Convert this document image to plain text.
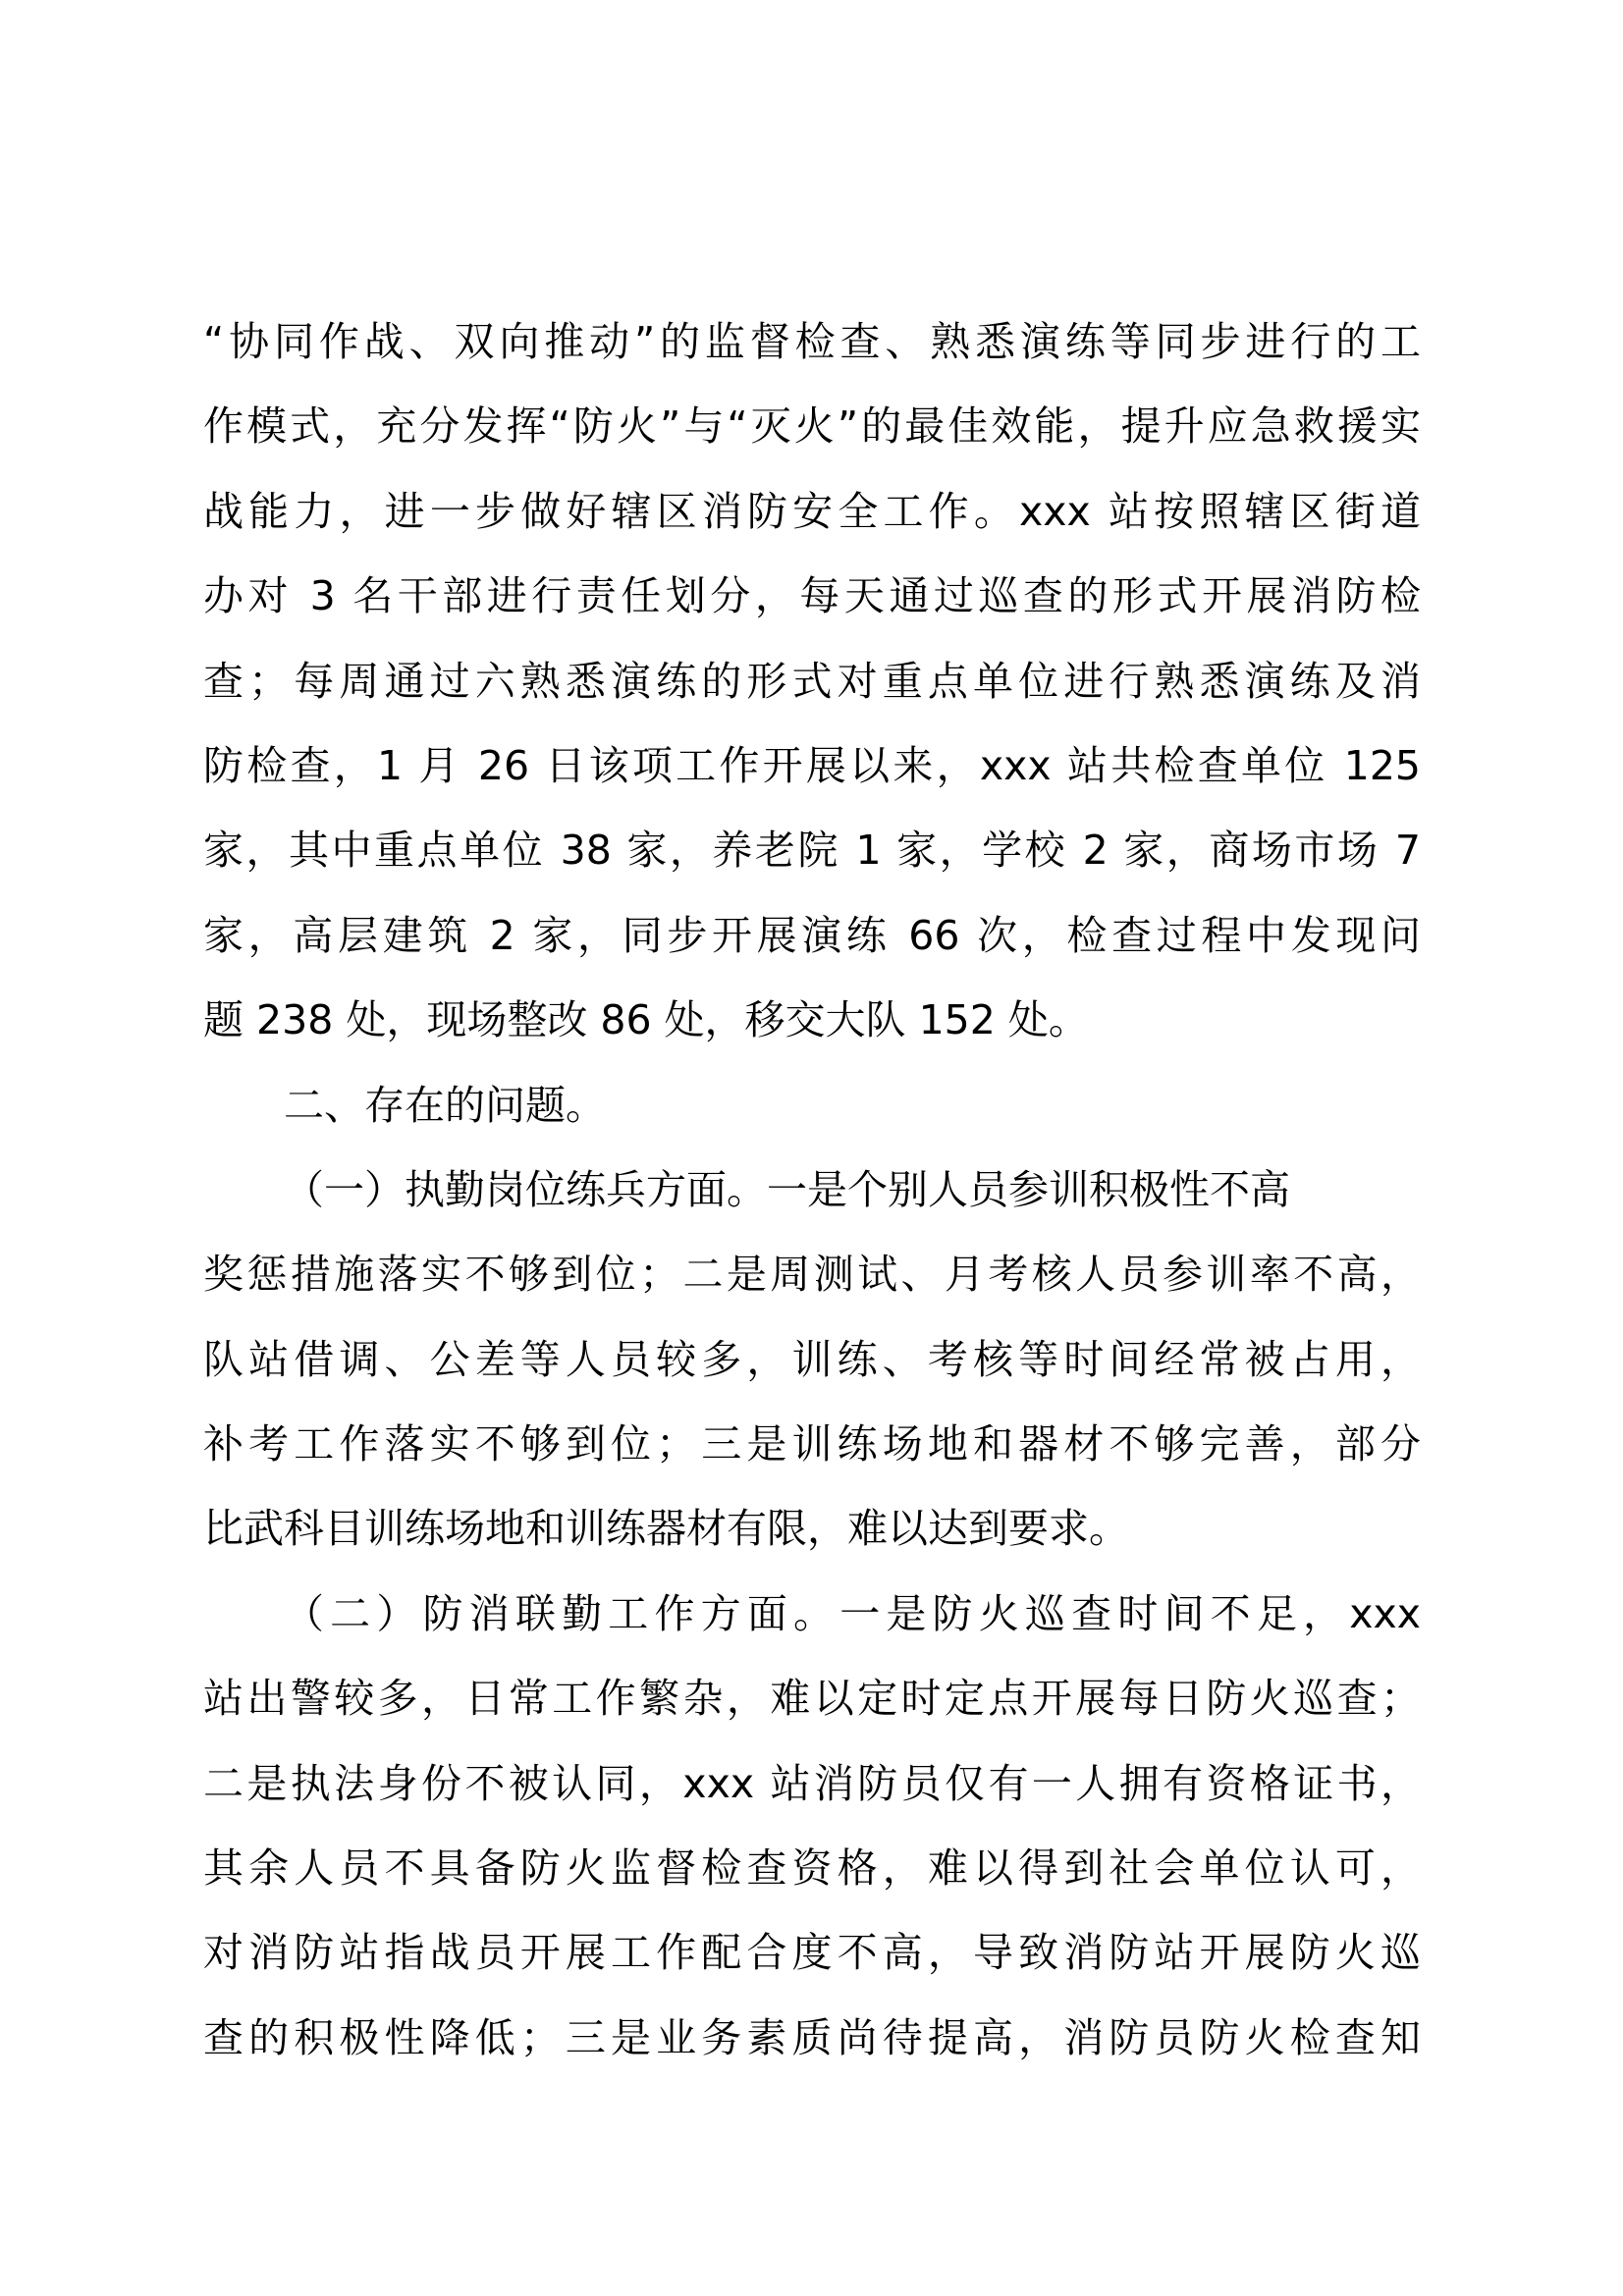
“协同作战、双向推动”的监督检查、熟悉演练等同步进行的工
作模式，充分发挥“防火”与“灭火”的最佳效能，提升应急救援实
战能力，进一步做好辖区消防安全工作。xxx 站按照辖区街道
办对 3 名干部进行责任划分，每天通过巡查的形式开展消防检
查；每周通过六熟悉演练的形式对重点单位进行熟悉演练及消
防检查，1 月 26 日该项工作开展以来，xxx 站共检查单位 125
家，其中重点单位 38 家，养老院 1 家，学校 2 家，商场市场 7
家，高层建筑 2 家，同步开展演练 66 次，检查过程中发现问
题 238 处，现场整改 86 处，移交大队 152 处。
二、存在的问题。
（一）执勤岗位练兵方面。一是个别人员参训积极性不高
奖惩措施落实不够到位；二是周测试、月考核人员参训率不高，
队站借调、公差等人员较多，训练、考核等时间经常被占用，
补考工作落实不够到位；三是训练场地和器材不够完善，部分
比武科目训练场地和训练器材有限，难以达到要求。
（二）防消联勤工作方面。一是防火巡查时间不足，xxx
站出警较多，日常工作繁杂，难以定时定点开展每日防火巡查；
二是执法身份不被认同，xxx 站消防员仅有一人拥有资格证书，
其余人员不具备防火监督检查资格，难以得到社会单位认可，
对消防站指战员开展工作配合度不高，导致消防站开展防火巡
查的积极性降低；三是业务素质尚待提高，消防员防火检查知
